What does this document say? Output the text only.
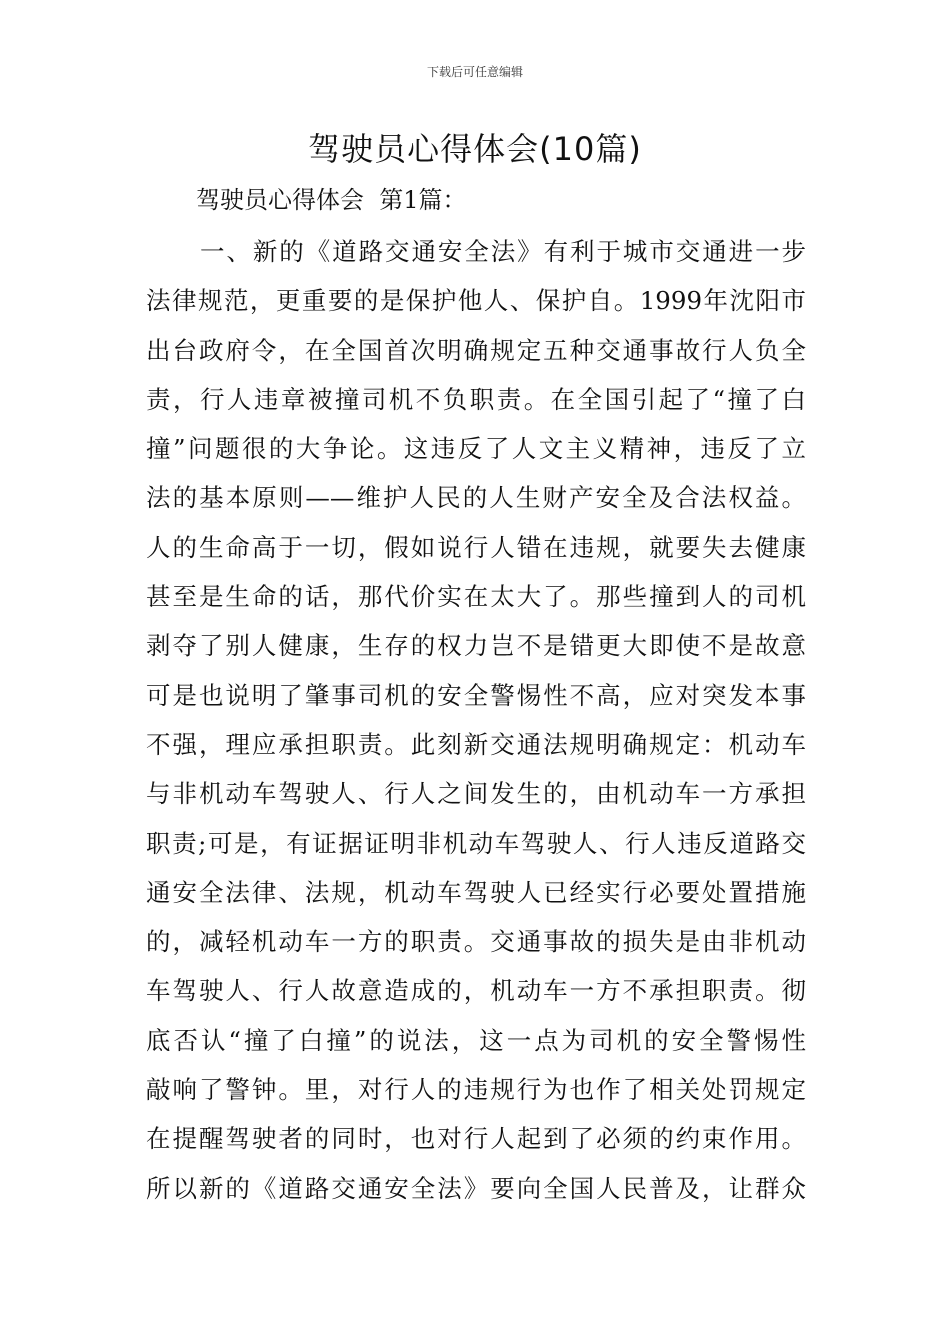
下载后可任意编辑
驾驶员心得体会(10篇)
驾驶员心得体会  第1篇：
一、新的《道路交通安全法》有利于城市交通进一步
法律规范，更重要的是保护他人、保护自。1999年沈阳市
出台政府令，在全国首次明确规定五种交通事故行人负全
责，行人违章被撞司机不负职责。在全国引起了“撞了白
撞”问题很的大争论。这违反了人文主义精神，违反了立
法的基本原则——维护人民的人生财产安全及合法权益。
人的生命高于一切，假如说行人错在违规，就要失去健康
甚至是生命的话，那代价实在太大了。那些撞到人的司机
剥夺了别人健康，生存的权力岂不是错更大即使不是故意
可是也说明了肇事司机的安全警惕性不高，应对突发本事
不强，理应承担职责。此刻新交通法规明确规定：机动车
与非机动车驾驶人、行人之间发生的，由机动车一方承担
职责;可是，有证据证明非机动车驾驶人、行人违反道路交
通安全法律、法规，机动车驾驶人已经实行必要处置措施
的，减轻机动车一方的职责。交通事故的损失是由非机动
车驾驶人、行人故意造成的，机动车一方不承担职责。彻
底否认“撞了白撞”的说法，这一点为司机的安全警惕性
敲响了警钟。里，对行人的违规行为也作了相关处罚规定
在提醒驾驶者的同时，也对行人起到了必须的约束作用。
所以新的《道路交通安全法》要向全国人民普及，让群众
